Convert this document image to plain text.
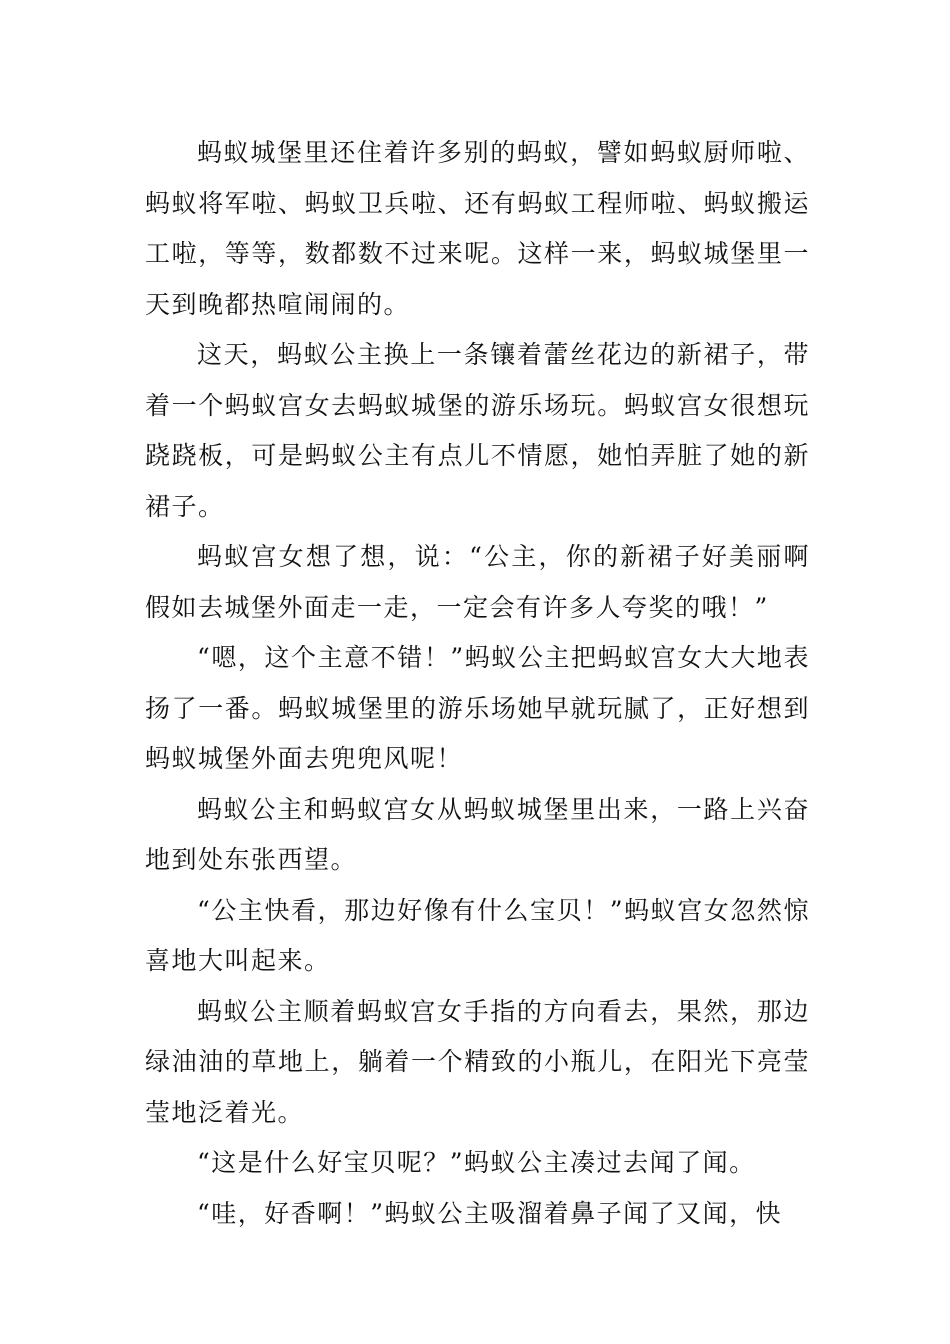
蚂蚁城堡里还住着许多别的蚂蚁，譬如蚂蚁厨师啦、蚂蚁将军啦、蚂蚁卫兵啦、还有蚂蚁工程师啦、蚂蚁搬运工啦，等等，数都数不过来呢。这样一来，蚂蚁城堡里一天到晚都热喧闹闹的。

这天，蚂蚁公主换上一条镶着蕾丝花边的新裙子，带着一个蚂蚁宫女去蚂蚁城堡的游乐场玩。蚂蚁宫女很想玩跷跷板，可是蚂蚁公主有点儿不情愿，她怕弄脏了她的新裙子。

蚂蚁宫女想了想，说：“公主，你的新裙子好美丽啊假如去城堡外面走一走，一定会有许多人夸奖的哦！”

“嗯，这个主意不错！”蚂蚁公主把蚂蚁宫女大大地表扬了一番。蚂蚁城堡里的游乐场她早就玩腻了，正好想到蚂蚁城堡外面去兜兜风呢！

蚂蚁公主和蚂蚁宫女从蚂蚁城堡里出来，一路上兴奋地到处东张西望。

“公主快看，那边好像有什么宝贝！”蚂蚁宫女忽然惊喜地大叫起来。

蚂蚁公主顺着蚂蚁宫女手指的方向看去，果然，那边绿油油的草地上，躺着一个精致的小瓶儿，在阳光下亮莹莹地泛着光。

“这是什么好宝贝呢？”蚂蚁公主凑过去闻了闻。

“哇，好香啊！”蚂蚁公主吸溜着鼻子闻了又闻，快
